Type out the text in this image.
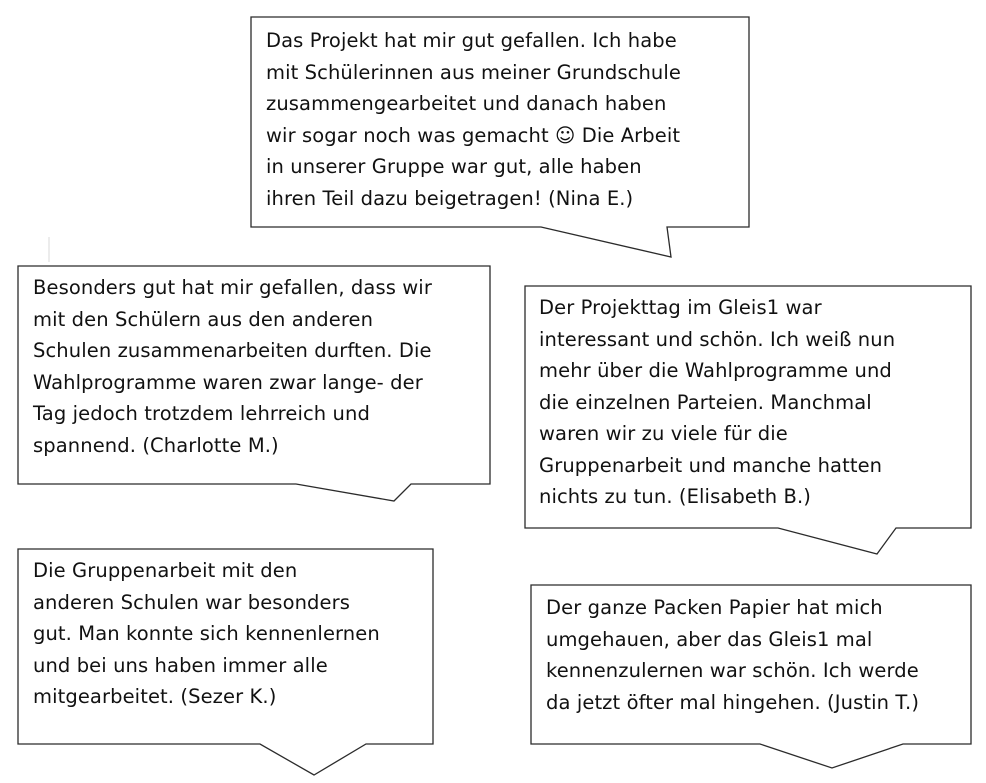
Das Projekt hat mir gut gefallen. Ich habe
mit Schülerinnen aus meiner Grundschule
zusammengearbeitet und danach haben
wir sogar noch was gemacht ☺ Die Arbeit
in unserer Gruppe war gut, alle haben
ihren Teil dazu beigetragen! (Nina E.)

Besonders gut hat mir gefallen, dass wir
mit den Schülern aus den anderen
Schulen zusammenarbeiten durften. Die
Wahlprogramme waren zwar lange- der
Tag jedoch trotzdem lehrreich und
spannend. (Charlotte M.)

Der Projekttag im Gleis1 war
interessant und schön. Ich weiß nun
mehr über die Wahlprogramme und
die einzelnen Parteien. Manchmal
waren wir zu viele für die
Gruppenarbeit und manche hatten
nichts zu tun. (Elisabeth B.)

Die Gruppenarbeit mit den
anderen Schulen war besonders
gut. Man konnte sich kennenlernen
und bei uns haben immer alle
mitgearbeitet. (Sezer K.)

Der ganze Packen Papier hat mich
umgehauen, aber das Gleis1 mal
kennenzulernen war schön. Ich werde
da jetzt öfter mal hingehen. (Justin T.)
